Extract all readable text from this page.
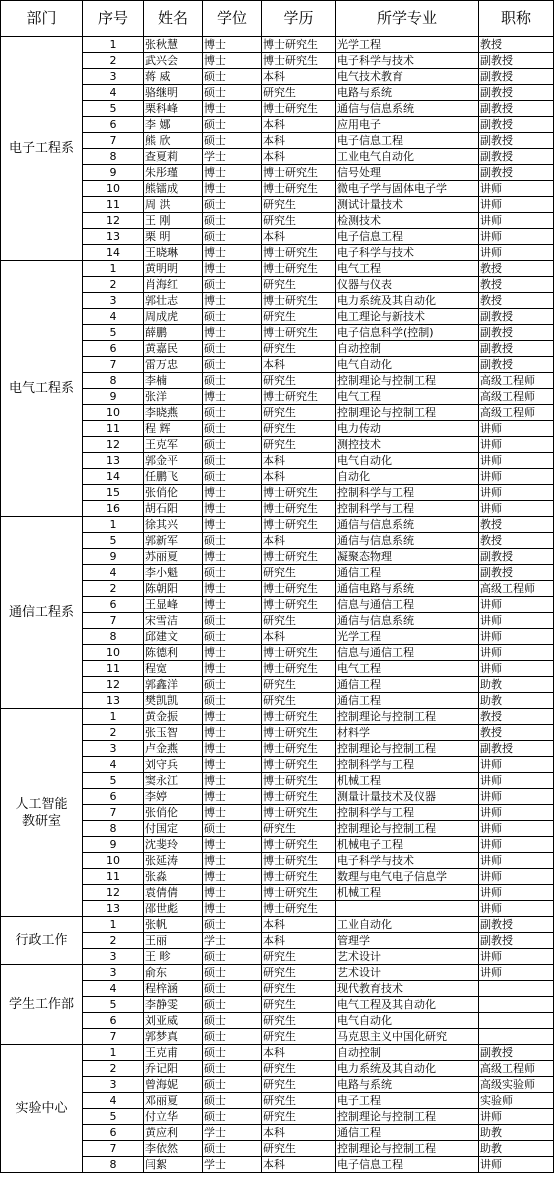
部门	序号	姓名	学位	学历	所学专业	职称
电子工程系	1	张秋慧	博士	博士研究生	光学工程	教授
	2	武兴会	博士	博士研究生	电子科学与技术	副教授
	3	蒋 威	硕士	本科	电气技术教育	副教授
	4	骆继明	硕士	研究生	电路与系统	副教授
	5	栗科峰	博士	博士研究生	通信与信息系统	副教授
	6	李 娜	硕士	本科	应用电子	副教授
	7	熊 欣	硕士	本科	电子信息工程	副教授
	8	查夏莉	学士	本科	工业电气自动化	副教授
	9	朱彤瑾	博士	博士研究生	信号处理	副教授
	10	熊镭成	博士	博士研究生	微电子学与固体电子学	讲师
	11	周 洪	硕士	研究生	测试计量技术	讲师
	12	王 刚	硕士	研究生	检测技术	讲师
	13	栗 明	硕士	本科	电子信息工程	讲师
	14	王晓琳	博士	博士研究生	电子科学与技术	讲师
电气工程系	1	黄明明	博士	博士研究生	电气工程	教授
	2	肖海红	硕士	研究生	仪器与仪表	教授
	3	郭壮志	博士	博士研究生	电力系统及其自动化	教授
	4	周成虎	硕士	研究生	电工理论与新技术	副教授
	5	薛鹏	博士	博士研究生	电子信息科学(控制)	副教授
	6	黄嘉民	硕士	研究生	自动控制	副教授
	7	雷万忠	硕士	本科	电气自动化	副教授
	8	李楠	硕士	研究生	控制理论与控制工程	高级工程师
	9	张洋	博士	博士研究生	电气工程	高级工程师
	10	李晓燕	硕士	研究生	控制理论与控制工程	高级工程师
	11	程 辉	硕士	研究生	电力传动	讲师
	12	王克军	硕士	研究生	测控技术	讲师
	13	郭金平	硕士	本科	电气自动化	讲师
	14	任鹏飞	硕士	本科	自动化	讲师
	15	张俏伦	博士	博士研究生	控制科学与工程	讲师
	16	胡石阳	博士	博士研究生	控制科学与工程	讲师
通信工程系	1	徐其兴	博士	博士研究生	通信与信息系统	教授
	5	郭新军	硕士	本科	通信与信息系统	教授
	9	苏丽夏	博士	博士研究生	凝聚态物理	副教授
	4	李小魁	硕士	研究生	通信工程	副教授
	2	陈朝阳	博士	博士研究生	通信电路与系统	高级工程师
	6	王显峰	博士	博士研究生	信息与通信工程	讲师
	7	宋雪洁	硕士	研究生	通信与信息系统	讲师
	8	邱建文	硕士	本科	光学工程	讲师
	10	陈德利	博士	博士研究生	信息与通信工程	讲师
	11	程宽	博士	博士研究生	电气工程	讲师
	12	郭鑫洋	硕士	研究生	通信工程	助教
	13	樊凯凯	硕士	研究生	通信工程	助教
人工智能
教研室	1	黄金振	博士	博士研究生	控制理论与控制工程	教授
	2	张玉智	博士	博士研究生	材料学	教授
	3	卢金燕	博士	博士研究生	控制理论与控制工程	副教授
	4	刘守兵	博士	博士研究生	控制科学与工程	讲师
	5	窦永江	博士	博士研究生	机械工程	讲师
	6	李婷	博士	博士研究生	测量计量技术及仪器	讲师
	7	张俏伦	博士	博士研究生	控制科学与工程	讲师
	8	付国定	硕士	研究生	控制理论与控制工程	讲师
	9	沈斐玲	博士	博士研究生	机械电子工程	讲师
	10	张延涛	博士	博士研究生	电子科学与技术	讲师
	11	张淼	博士	博士研究生	数理与电气电子信息学	讲师
	12	袁倩倩	博士	博士研究生	机械工程	讲师
	13	邵世彪	博士	博士研究生		讲师
行政工作	1	张帆	硕士	本科	工业自动化	副教授
	2	王丽	学士	本科	管理学	副教授
	3	王 畛	硕士	研究生	艺术设计	讲师
学生工作部	3	俞东	硕士	研究生	艺术设计	讲师
	4	程梓涵	硕士	研究生	现代教育技术	
	5	李静雯	硕士	研究生	电气工程及其自动化	
	6	刘亚威	硕士	研究生	电气自动化	
	7	郭梦真	硕士	研究生	马克思主义中国化研究	
实验中心	1	王克甫	硕士	本科	自动控制	副教授
	2	乔记阳	硕士	研究生	电力系统及其自动化	高级工程师
	3	曾海妮	硕士	研究生	电路与系统	高级实验师
	4	邓丽夏	硕士	研究生	电子工程	实验师
	5	付立华	硕士	研究生	控制理论与控制工程	讲师
	6	黄应利	学士	本科	通信工程	助教
	7	李依然	硕士	研究生	控制理论与控制工程	助教
	8	闫絮	学士	本科	电子信息工程	讲师
